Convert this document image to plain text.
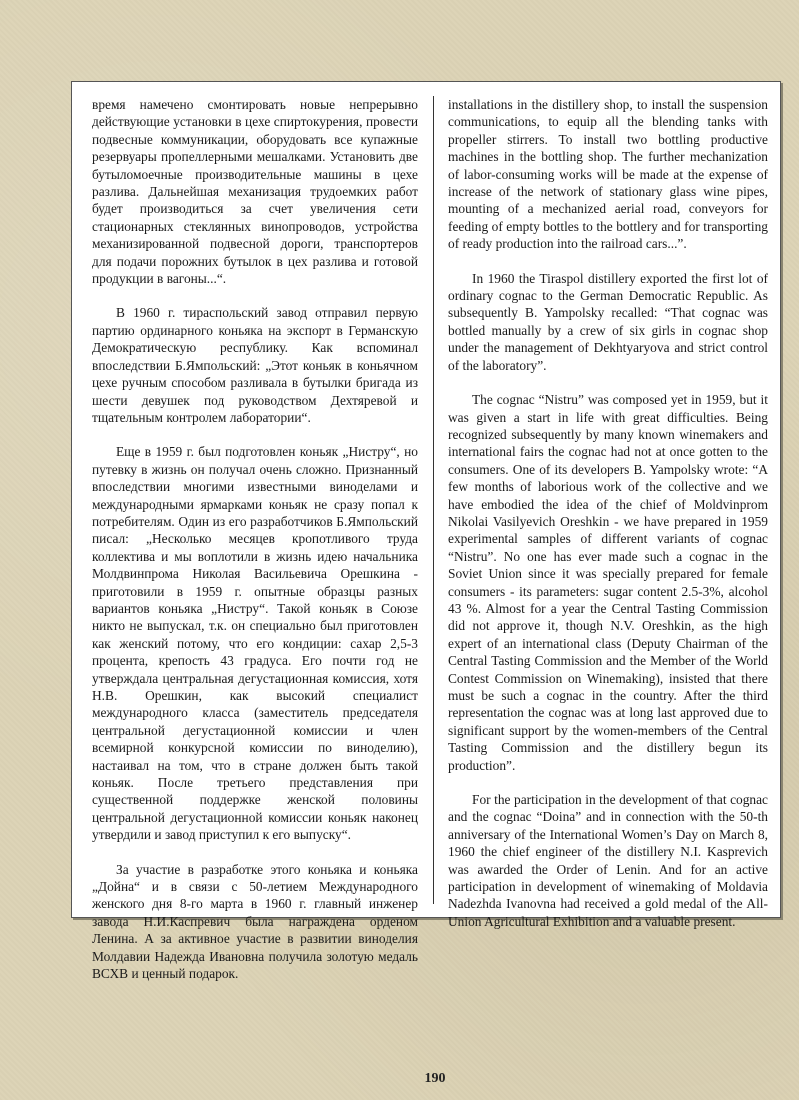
время намечено смонтировать новые непрерывно действующие установки в цехе спиртокурения, провести подвесные коммуникации, оборудовать все купажные резервуары пропеллерными мешалками. Установить две бутыломоечные производительные машины в цехе разлива. Дальнейшая механизация трудоемких работ будет производиться за счет увеличения сети стационарных стеклянных винопроводов, устройства механизированной подвесной дороги, транспортеров для подачи порожних бутылок в цех разлива и готовой продукции в вагоны...“.

В 1960 г. тираспольский завод отправил первую партию ординарного коньяка на экспорт в Германскую Демократическую республику. Как вспоминал впоследствии Б.Ямпольский: „Этот коньяк в коньячном цехе ручным способом разливала в бутылки бригада из шести девушек под руководством Дехтяревой и тщательным контролем лаборатории“.

Еще в 1959 г. был подготовлен коньяк „Нистру“, но путевку в жизнь он получал очень сложно. Признанный впоследствии многими известными виноделами и международными ярмарками коньяк не сразу попал к потребителям. Один из его разработчиков Б.Ямпольский писал: „Несколько месяцев кропотливого труда коллектива и мы воплотили в жизнь идею начальника Молдвинпрома Николая Васильевича Орешкина - приготовили в 1959 г. опытные образцы разных вариантов коньяка „Нистру“. Такой коньяк в Союзе никто не выпускал, т.к. он специально был приготовлен как женский потому, что его кондиции: сахар 2,5-3 процента, крепость 43 градуса. Его почти год не утверждала центральная дегустационная комиссия, хотя Н.В. Орешкин, как высокий специалист международного класса (заместитель председателя центральной дегустационной комиссии и член всемирной конкурсной комиссии по виноделию), настаивал на том, что в стране должен быть такой коньяк. После третьего представления при существенной поддержке женской половины центральной дегустационной комиссии коньяк наконец утвердили и завод приступил к его выпуску“.

За участие в разработке этого коньяка и коньяка „Дойна“ и в связи с 50-летием Международного женского дня 8-го марта в 1960 г. главный инженер завода Н.И.Каспревич была награждена орденом Ленина. А за активное участие в развитии виноделия Молдавии Надежда Ивановна получила золотую медаль ВСХВ и ценный подарок.

installations in the distillery shop, to install the suspension communications, to equip all the blending tanks with propeller stirrers. To install two bottling productive machines in the bottling shop. The further mechanization of labor-consuming works will be made at the expense of increase of the network of stationary glass wine pipes, mounting of a mechanized aerial road, conveyors for feeding of empty bottles to the bottlery and for transporting of ready production into the railroad cars...”.

In 1960 the Tiraspol distillery exported the first lot of ordinary cognac to the German Democratic Republic. As subsequently B. Yampolsky recalled: “That cognac was bottled manually by a crew of six girls in cognac shop under the management of Dekhtyaryova and strict control of the laboratory”.

The cognac “Nistru” was composed yet in 1959, but it was given a start in life with great difficulties. Being recognized subsequently by many known winemakers and international fairs the cognac had not at once gotten to the consumers. One of its developers B. Yampolsky wrote: “A few months of laborious work of the collective and we have embodied the idea of the chief of Moldvinprom Nikolai Vasilyevich Oreshkin - we have prepared in 1959 experimental samples of different variants of cognac “Nistru”. No one has ever made such a cognac in the Soviet Union since it was specially prepared for female consumers - its parameters: sugar content 2.5-3%, alcohol 43 %. Almost for a year the Central Tasting Commission did not approve it, though N.V. Oreshkin, as the high expert of an international class (Deputy Chairman of the Central Tasting Commission and the Member of the World Contest Commission on Winemaking), insisted that there must be such a cognac in the country. After the third representation the cognac was at long last approved due to significant support by the women-members of the Central Tasting Commission and the distillery begun its production”.

For the participation in the development of that cognac and the cognac “Doina” and in connection with the 50-th anniversary of the International Women’s Day on March 8, 1960 the chief engineer of the distillery N.I. Kasprevich was awarded the Order of Lenin. And for an active participation in development of winemaking of Moldavia Nadezhda Ivanovna had received a gold medal of the All-Union Agricultural Exhibition and a valuable present.

190
